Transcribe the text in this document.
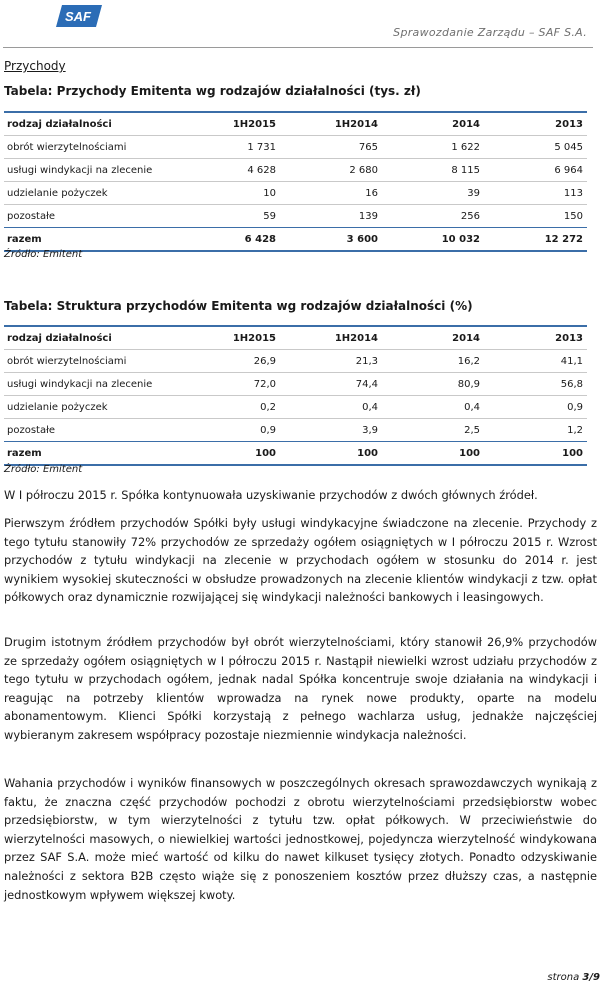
SAF
Sprawozdanie Zarządu – SAF S.A.
Przychody
Tabela: Przychody Emitenta wg rodzajów działalności (tys. zł)
rodzaj działalności	1H2015	1H2014	2014	2013
obrót wierzytelnościami	1 731	765	1 622	5 045
usługi windykacji na zlecenie	4 628	2 680	8 115	6 964
udzielanie pożyczek	10	16	39	113
pozostałe	59	139	256	150
razem	6 428	3 600	10 032	12 272
Źródło: Emitent
Tabela: Struktura przychodów Emitenta wg rodzajów działalności (%)
rodzaj działalności	1H2015	1H2014	2014	2013
obrót wierzytelnościami	26,9	21,3	16,2	41,1
usługi windykacji na zlecenie	72,0	74,4	80,9	56,8
udzielanie pożyczek	0,2	0,4	0,4	0,9
pozostałe	0,9	3,9	2,5	1,2
razem	100	100	100	100
Źródło: Emitent

W I półroczu 2015 r. Spółka kontynuowała uzyskiwanie przychodów z dwóch głównych źródeł.

Pierwszym źródłem przychodów Spółki były usługi windykacyjne świadczone na zlecenie. Przychody z tego tytułu stanowiły 72% przychodów ze sprzedaży ogółem osiągniętych w I półroczu 2015 r. Wzrost przychodów z tytułu windykacji na zlecenie w przychodach ogółem w stosunku do 2014 r. jest wynikiem wysokiej skuteczności w obsłudze prowadzonych na zlecenie klientów windykacji z tzw. opłat półkowych oraz dynamicznie rozwijającej się windykacji należności bankowych i leasingowych.

Drugim istotnym źródłem przychodów był obrót wierzytelnościami, który stanowił 26,9% przychodów ze sprzedaży ogółem osiągniętych w I półroczu 2015 r. Nastąpił niewielki wzrost udziału przychodów z tego tytułu w przychodach ogółem, jednak nadal Spółka koncentruje swoje działania na windykacji i reagując na potrzeby klientów wprowadza na rynek nowe produkty, oparte na modelu abonamentowym. Klienci Spółki korzystają z pełnego wachlarza usług, jednakże najczęściej wybieranym zakresem współpracy pozostaje niezmiennie windykacja należności.

Wahania przychodów i wyników finansowych w poszczególnych okresach sprawozdawczych wynikają z faktu, że znaczna część przychodów pochodzi z obrotu wierzytelnościami przedsiębiorstw wobec przedsiębiorstw, w tym wierzytelności z tytułu tzw. opłat półkowych. W przeciwieństwie do wierzytelności masowych, o niewielkiej wartości jednostkowej, pojedyncza wierzytelność windykowana przez SAF S.A. może mieć wartość od kilku do nawet kilkuset tysięcy złotych. Ponadto odzyskiwanie należności z sektora B2B często wiąże się z ponoszeniem kosztów przez dłuższy czas, a następnie jednostkowym wpływem większej kwoty.

strona 3/9
